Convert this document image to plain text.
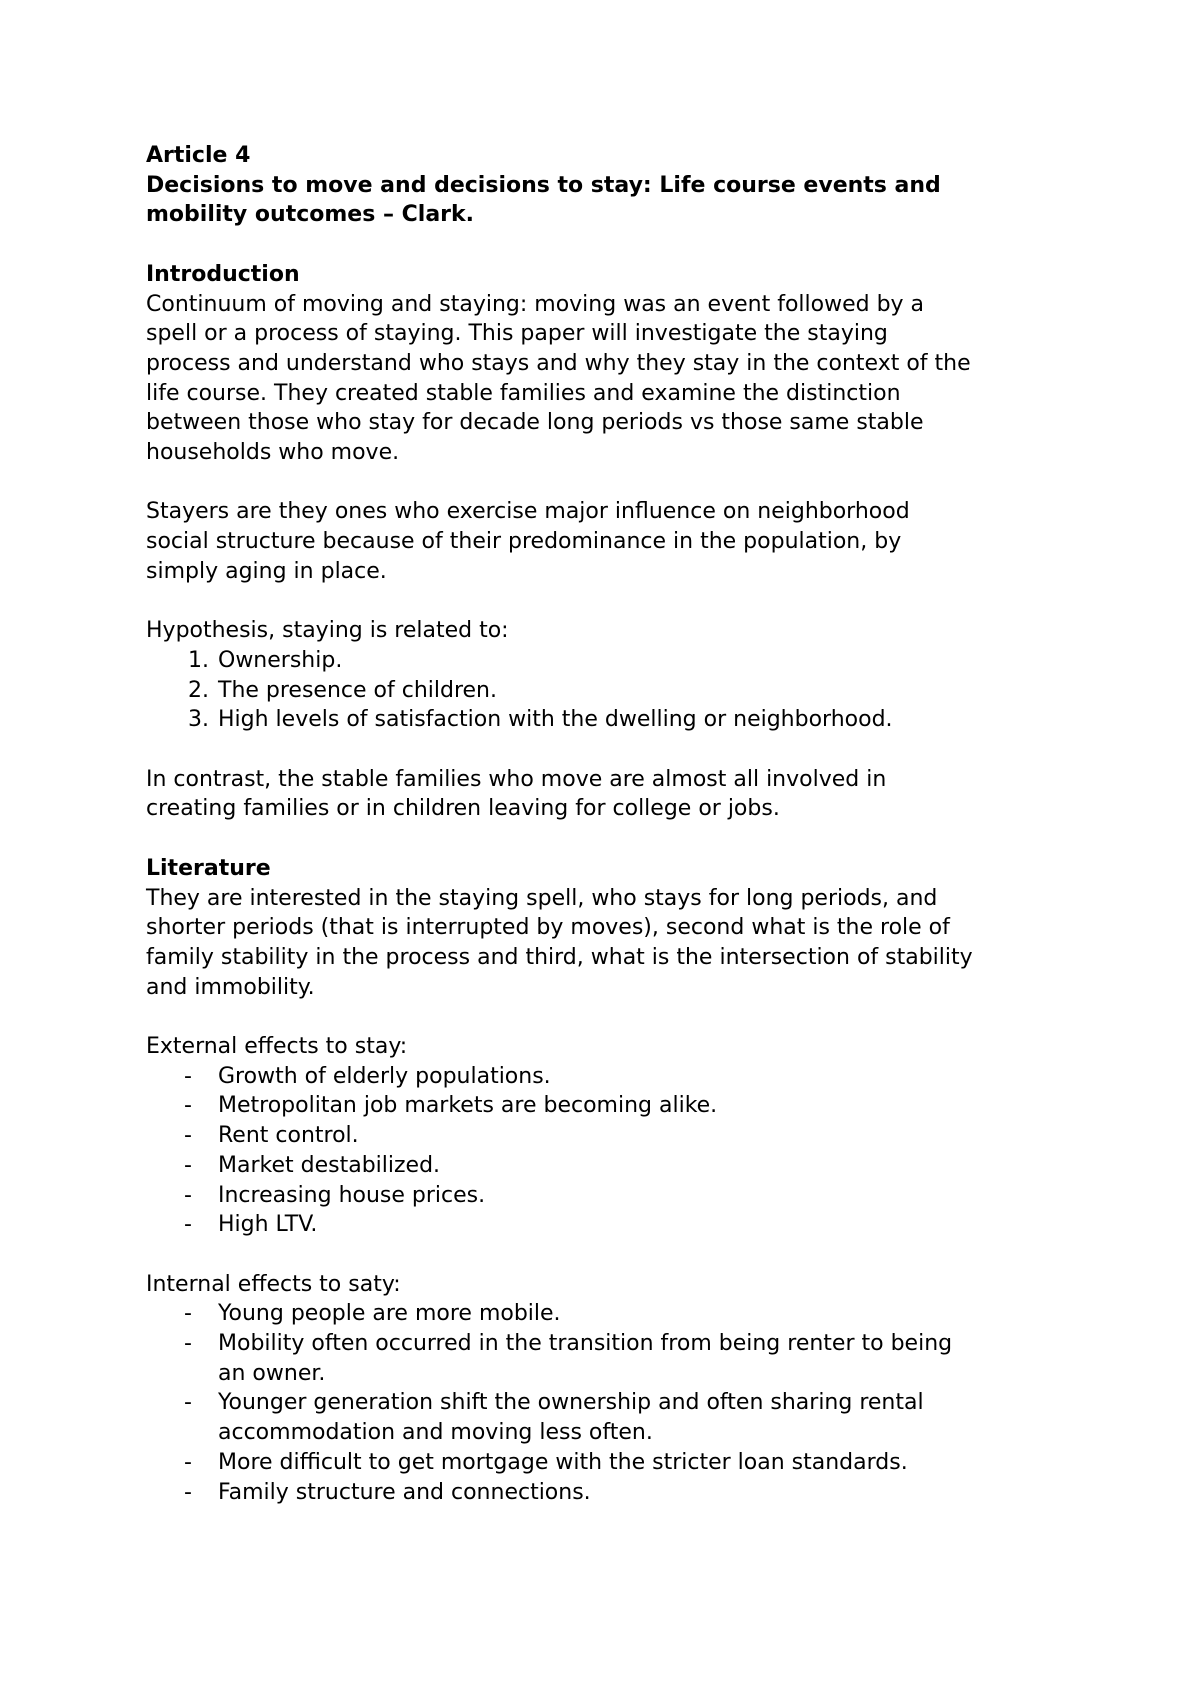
Article 4
Decisions to move and decisions to stay: Life course events and
mobility outcomes – Clark.
Introduction
Continuum of moving and staying: moving was an event followed by a
spell or a process of staying. This paper will investigate the staying
process and understand who stays and why they stay in the context of the
life course. They created stable families and examine the distinction
between those who stay for decade long periods vs those same stable
households who move.
Stayers are they ones who exercise major influence on neighborhood
social structure because of their predominance in the population, by
simply aging in place.
Hypothesis, staying is related to:
1. Ownership.
2. The presence of children.
3. High levels of satisfaction with the dwelling or neighborhood.
In contrast, the stable families who move are almost all involved in
creating families or in children leaving for college or jobs.
Literature
They are interested in the staying spell, who stays for long periods, and
shorter periods (that is interrupted by moves), second what is the role of
family stability in the process and third, what is the intersection of stability
and immobility.
External effects to stay:
- Growth of elderly populations.
- Metropolitan job markets are becoming alike.
- Rent control.
- Market destabilized.
- Increasing house prices.
- High LTV.
Internal effects to saty:
- Young people are more mobile.
- Mobility often occurred in the transition from being renter to being
an owner.
- Younger generation shift the ownership and often sharing rental
accommodation and moving less often.
- More difficult to get mortgage with the stricter loan standards.
- Family structure and connections.
